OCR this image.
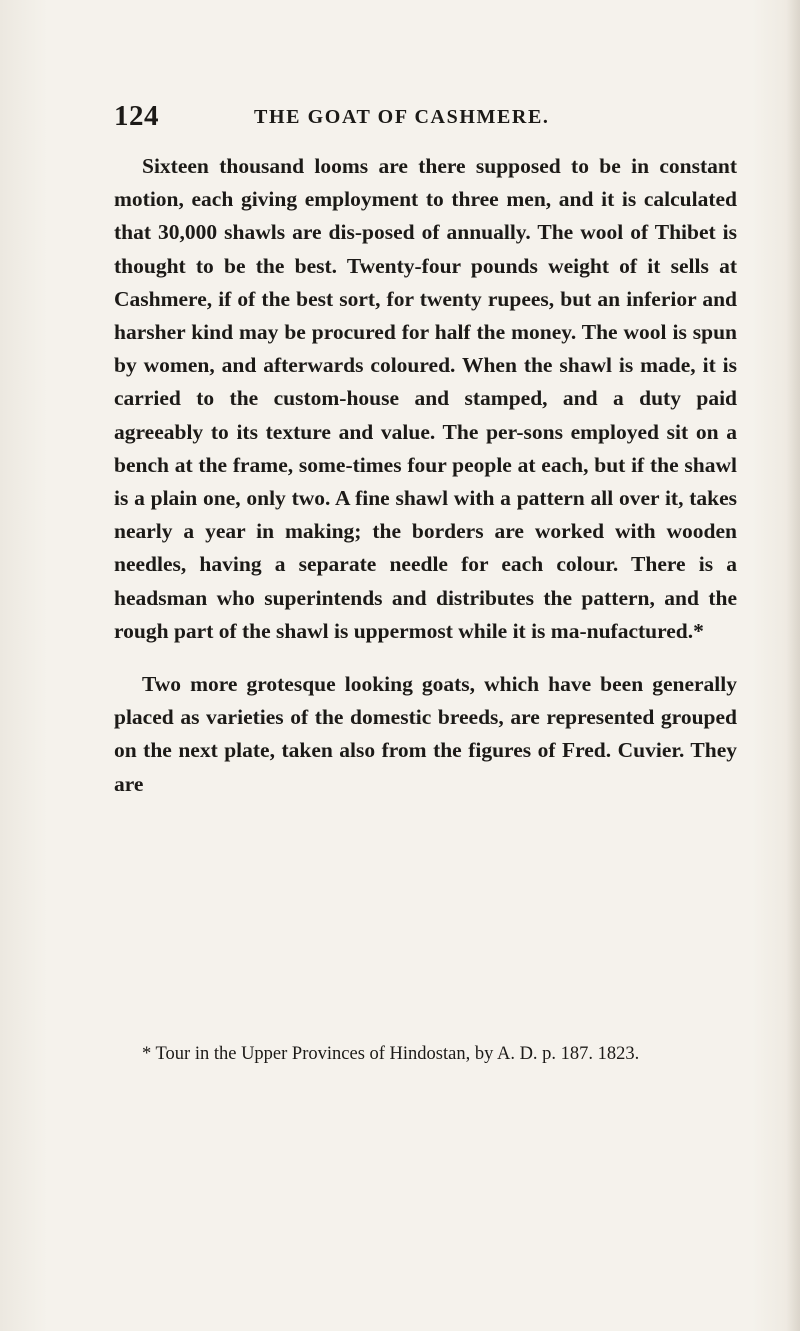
124	THE GOAT OF CASHMERE.

Sixteen thousand looms are there supposed to be in constant motion, each giving employment to three men, and it is calculated that 30,000 shawls are dis-posed of annually. The wool of Thibet is thought to be the best. Twenty-four pounds weight of it sells at Cashmere, if of the best sort, for twenty rupees, but an inferior and harsher kind may be procured for half the money. The wool is spun by women, and afterwards coloured. When the shawl is made, it is carried to the custom-house and stamped, and a duty paid agreeably to its texture and value. The per-sons employed sit on a bench at the frame, some-times four people at each, but if the shawl is a plain one, only two. A fine shawl with a pattern all over it, takes nearly a year in making; the borders are worked with wooden needles, having a separate needle for each colour. There is a headsman who superintends and distributes the pattern, and the rough part of the shawl is uppermost while it is ma-nufactured.*

Two more grotesque looking goats, which have been generally placed as varieties of the domestic breeds, are represented grouped on the next plate, taken also from the figures of Fred. Cuvier. They are

* Tour in the Upper Provinces of Hindostan, by A. D. p. 187. 1823.
